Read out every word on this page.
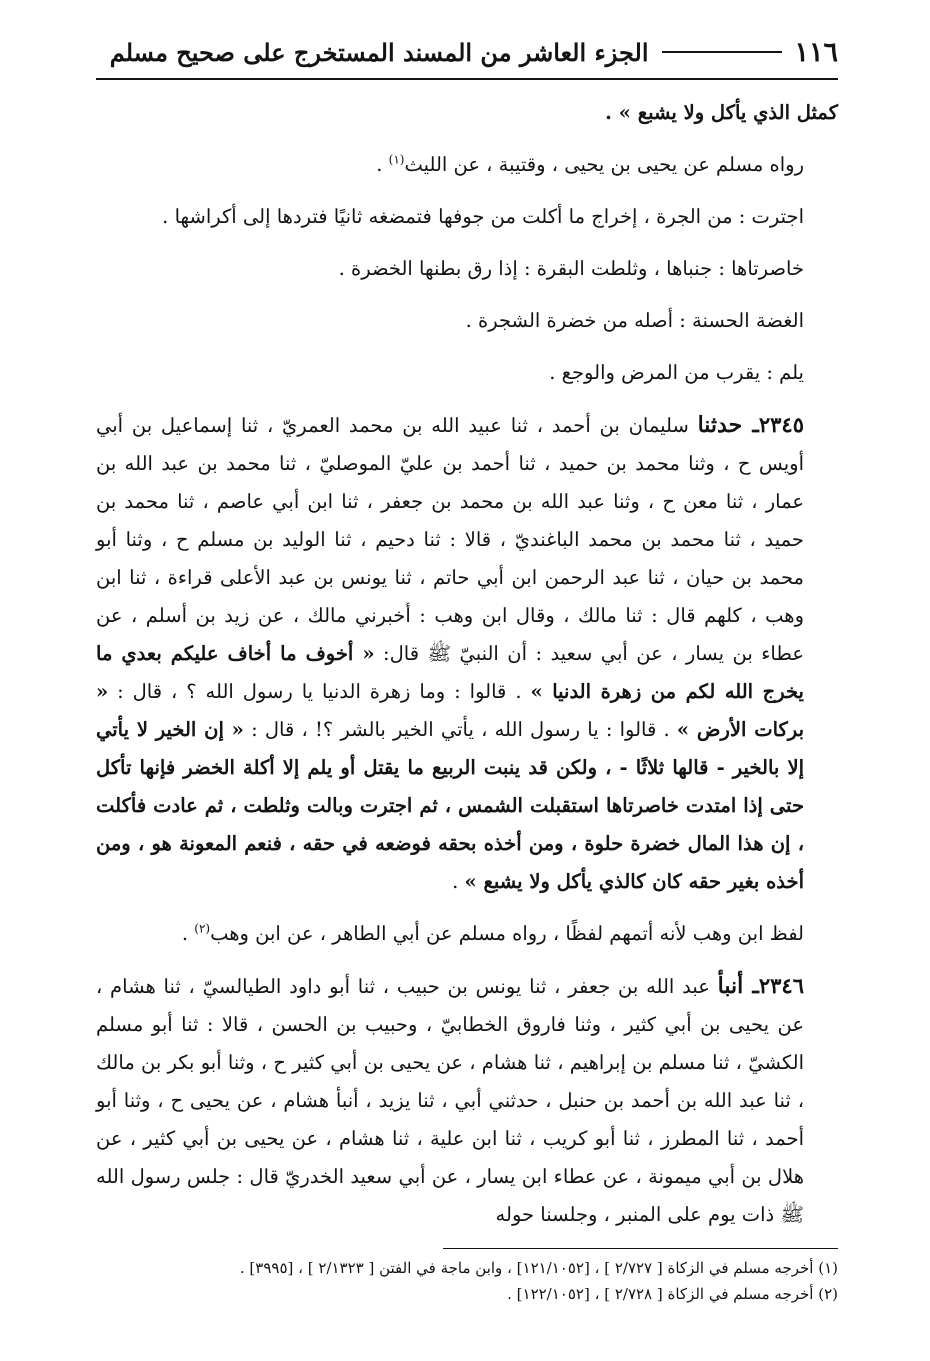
١١٦
الجزء العاشر من المسند المستخرج على صحيح مسلم

كمثل الذي يأكل ولا يشبع » .

رواه مسلم عن يحيى بن يحيى ، وقتيبة ، عن الليث$^{(١)}$ .

اجترت : من الجرة ، إخراج ما أكلت من جوفها فتمضغه ثانيًا فتردها إلى أكراشها .

خاصرتاها : جنباها ، وثلطت البقرة : إذا رق بطنها الخضرة .

الغضة الحسنة : أصله من خضرة الشجرة .

يلم : يقرب من المرض والوجع .

٢٣٤٥ـ حدثنا سليمان بن أحمد ، ثنا عبيد الله بن محمد العمريّ ، ثنا إسماعيل بن أبي أويس ح ، وثنا محمد بن حميد ، ثنا أحمد بن عليّ الموصليّ ، ثنا محمد بن عبد الله بن عمار ، ثنا معن ح ، وثنا عبد الله بن محمد بن جعفر ، ثنا ابن أبي عاصم ، ثنا محمد بن حميد ، ثنا محمد بن محمد الباغنديّ ، قالا : ثنا دحيم ، ثنا الوليد بن مسلم ح ، وثنا أبو محمد بن حيان ، ثنا عبد الرحمن ابن أبي حاتم ، ثنا يونس بن عبد الأعلى قراءة ، ثنا ابن وهب ، كلهم قال : ثنا مالك ، وقال ابن وهب : أخبرني مالك ، عن زيد بن أسلم ، عن عطاء بن يسار ، عن أبي سعيد : أن النبيّ ﷺ قال: « أخوف ما أخاف عليكم بعدي ما يخرج الله لكم من زهرة الدنيا » . قالوا : وما زهرة الدنيا يا رسول الله ؟ ، قال : « بركات الأرض » . قالوا : يا رسول الله ، يأتي الخير بالشر ؟! ، قال : « إن الخير لا يأتي إلا بالخير - قالها ثلاثًا - ، ولكن قد ينبت الربيع ما يقتل أو يلم إلا أكلة الخضر فإنها تأكل حتى إذا امتدت خاصرتاها استقبلت الشمس ، ثم اجترت وبالت وثلطت ، ثم عادت فأكلت ، إن هذا المال خضرة حلوة ، ومن أخذه بحقه فوضعه في حقه ، فنعم المعونة هو ، ومن أخذه بغير حقه كان كالذي يأكل ولا يشبع » .

لفظ ابن وهب لأنه أتمهم لفظًا ، رواه مسلم عن أبي الطاهر ، عن ابن وهب$^{(٢)}$ .

٢٣٤٦ـ أنبأ عبد الله بن جعفر ، ثنا يونس بن حبيب ، ثنا أبو داود الطيالسيّ ، ثنا هشام ، عن يحيى بن أبي كثير ، وثنا فاروق الخطابيّ ، وحبيب بن الحسن ، قالا : ثنا أبو مسلم الكشيّ ، ثنا مسلم بن إبراهيم ، ثنا هشام ، عن يحيى بن أبي كثير ح ، وثنا أبو بكر بن مالك ، ثنا عبد الله بن أحمد بن حنبل ، حدثني أبي ، ثنا يزيد ، أنبأ هشام ، عن يحيى ح ، وثنا أبو أحمد ، ثنا المطرز ، ثنا أبو كريب ، ثنا ابن علية ، ثنا هشام ، عن يحيى بن أبي كثير ، عن هلال بن أبي ميمونة ، عن عطاء ابن يسار ، عن أبي سعيد الخدريّ قال : جلس رسول الله ﷺ ذات يوم على المنبر ، وجلسنا حوله

(١) أخرجه مسلم في الزكاة [ ٢/٧٢٧ ] ، [١٢١/١٠٥٢] ، وابن ماجة في الفتن [ ٢/١٣٢٣ ] ، [٣٩٩٥] .
(٢) أخرجه مسلم في الزكاة [ ٢/٧٢٨ ] ، [١٢٢/١٠٥٢] .
